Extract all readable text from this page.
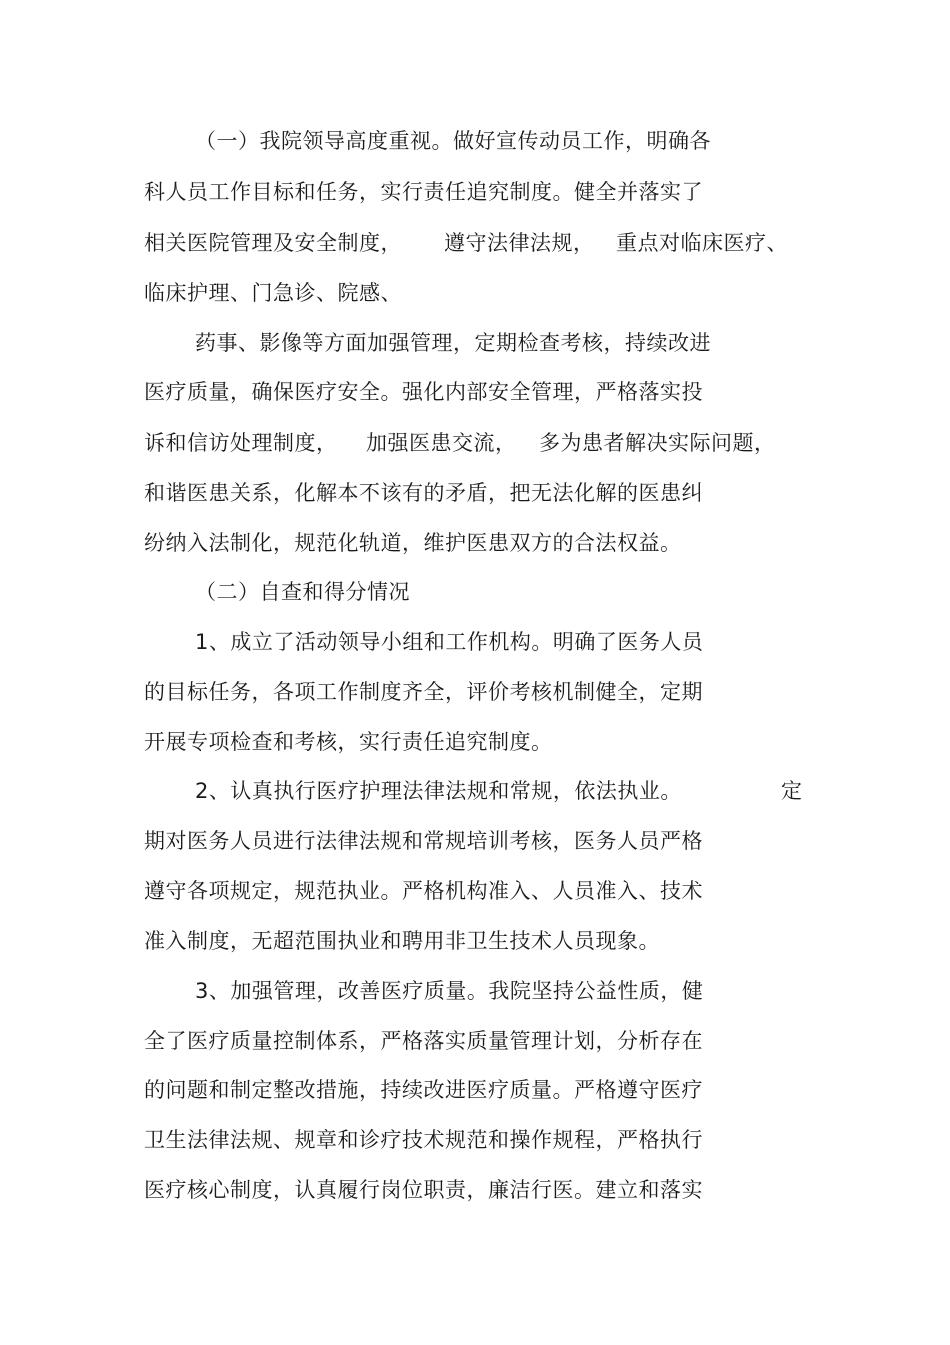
（一）我院领导高度重视。做好宣传动员工作，明确各
科人员工作目标和任务，实行责任追究制度。健全并落实了
相关医院管理及安全制度， 遵守法律法规， 重点对临床医疗、
临床护理、门急诊、院感、
药事、影像等方面加强管理，定期检查考核，持续改进
医疗质量，确保医疗安全。强化内部安全管理，严格落实投
诉和信访处理制度， 加强医患交流， 多为患者解决实际问题，
和谐医患关系，化解本不该有的矛盾，把无法化解的医患纠
纷纳入法制化，规范化轨道，维护医患双方的合法权益。
（二）自查和得分情况
1、成立了活动领导小组和工作机构。明确了医务人员
的目标任务，各项工作制度齐全，评价考核机制健全，定期
开展专项检查和考核，实行责任追究制度。
2、认真执行医疗护理法律法规和常规，依法执业。	定
期对医务人员进行法律法规和常规培训考核，医务人员严格
遵守各项规定，规范执业。严格机构准入、人员准入、技术
准入制度，无超范围执业和聘用非卫生技术人员现象。
3、加强管理，改善医疗质量。我院坚持公益性质，健
全了医疗质量控制体系，严格落实质量管理计划，分析存在
的问题和制定整改措施，持续改进医疗质量。严格遵守医疗
卫生法律法规、规章和诊疗技术规范和操作规程，严格执行
医疗核心制度，认真履行岗位职责，廉洁行医。建立和落实
